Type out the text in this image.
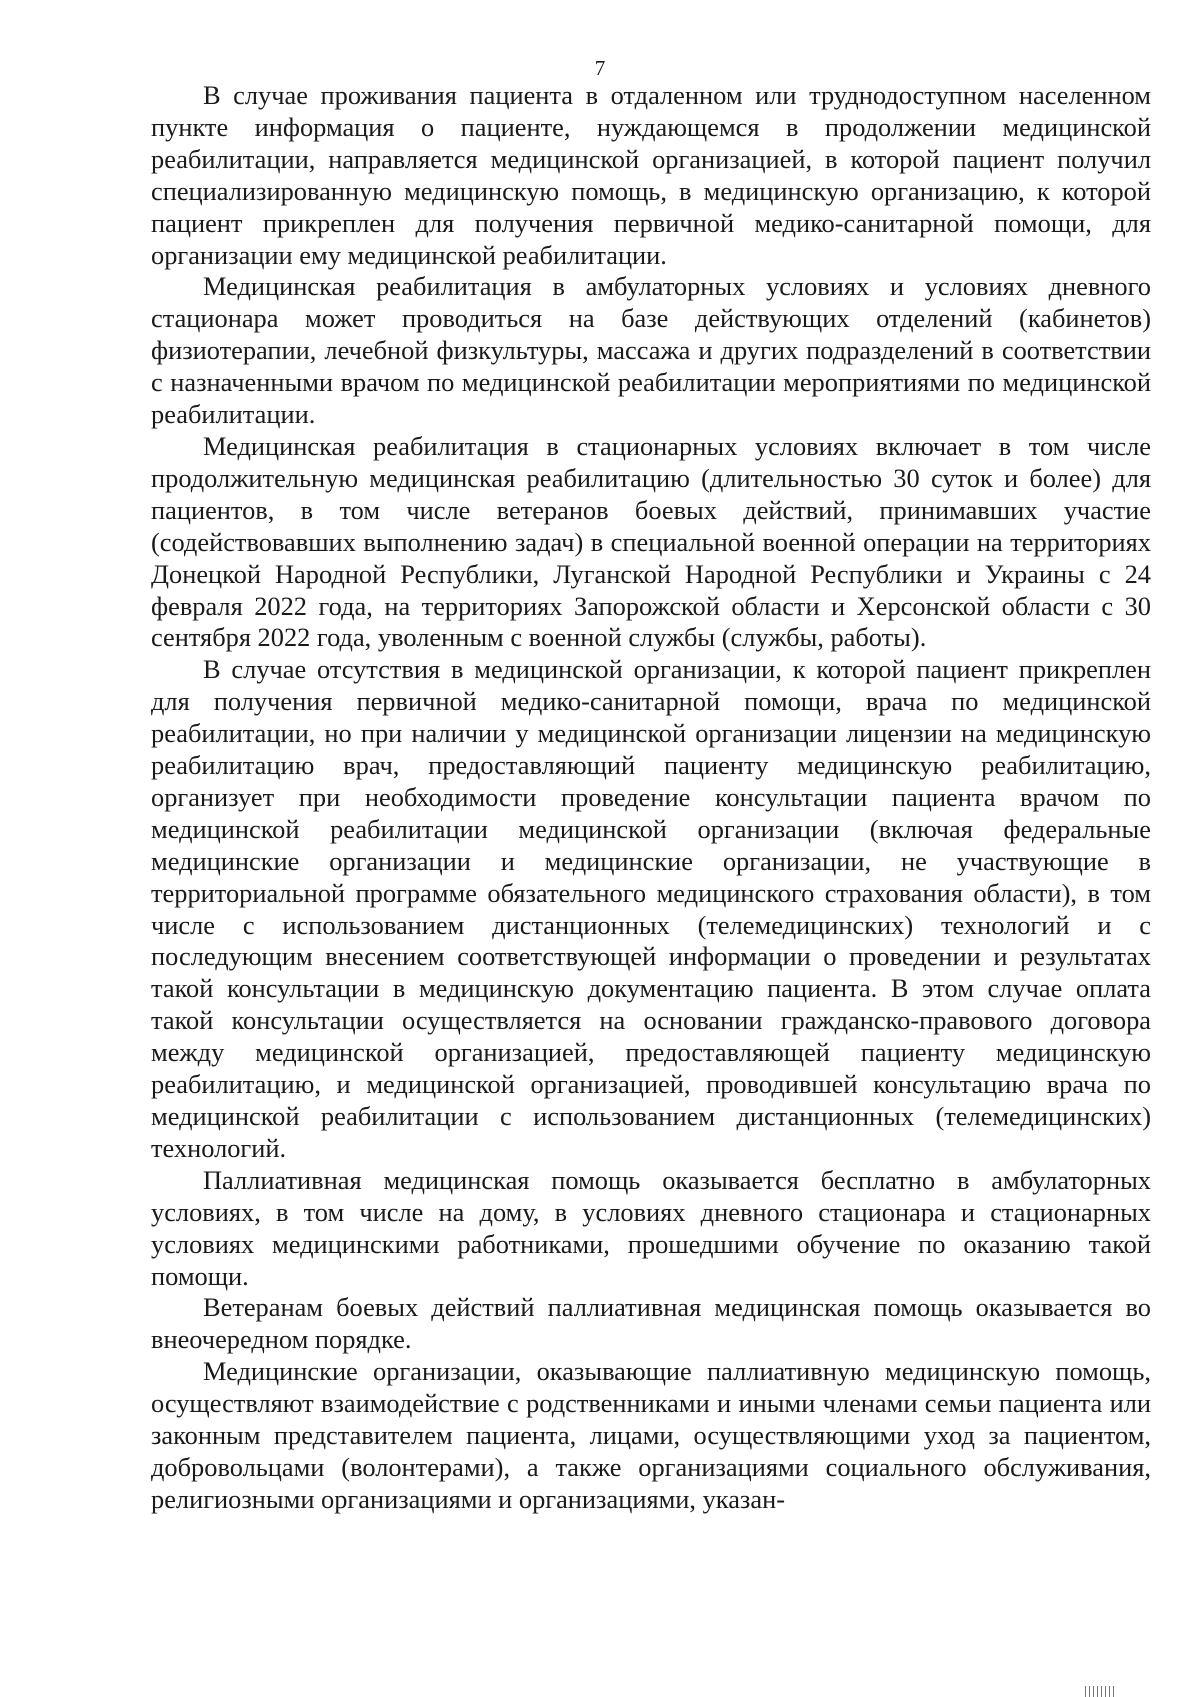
7

В случае проживания пациента в отдаленном или труднодоступном населенном пункте информация о пациенте, нуждающемся в продолжении медицинской реабилитации, направляется медицинской организацией, в которой пациент получил специализированную медицинскую помощь, в медицинскую организацию, к которой пациент прикреплен для получения первичной медико-санитарной помощи, для организации ему медицинской реабилитации.

Медицинская реабилитация в амбулаторных условиях и условиях дневного стационара может проводиться на базе действующих отделений (кабинетов) физиотерапии, лечебной физкультуры, массажа и других подразделений в соответствии с назначенными врачом по медицинской реабилитации мероприятиями по медицинской реабилитации.

Медицинская реабилитация в стационарных условиях включает в том числе продолжительную медицинская реабилитацию (длительностью 30 суток и более) для пациентов, в том числе ветеранов боевых действий, принимавших участие (содействовавших выполнению задач) в специальной военной операции на территориях Донецкой Народной Республики, Луганской Народной Республики и Украины с 24 февраля 2022 года, на территориях Запорожской области и Херсонской области с 30 сентября 2022 года, уволенным с военной службы (службы, работы).

В случае отсутствия в медицинской организации, к которой пациент прикреплен для получения первичной медико-санитарной помощи, врача по медицинской реабилитации, но при наличии у медицинской организации лицензии на медицинскую реабилитацию врач, предоставляющий пациенту медицинскую реабилитацию, организует при необходимости проведение консультации пациента врачом по медицинской реабилитации медицинской организации (включая федеральные медицинские организации и медицинские организации, не участвующие в территориальной программе обязательного медицинского страхования области), в том числе с использованием дистанционных (телемедицинских) технологий и с последующим внесением соответствующей информации о проведении и результатах такой консультации в медицинскую документацию пациента. В этом случае оплата такой консультации осуществляется на основании гражданско-правового договора между медицинской организацией, предоставляющей пациенту медицинскую реабилитацию, и медицинской организацией, проводившей консультацию врача по медицинской реабилитации с использованием дистанционных (телемедицинских) технологий.

Паллиативная медицинская помощь оказывается бесплатно в амбулаторных условиях, в том числе на дому, в условиях дневного стационара и стационарных условиях медицинскими работниками, прошедшими обучение по оказанию такой помощи.

Ветеранам боевых действий паллиативная медицинская помощь оказывается во внеочередном порядке.

Медицинские организации, оказывающие паллиативную медицинскую помощь, осуществляют взаимодействие с родственниками и иными членами семьи пациента или законным представителем пациента, лицами, осуществляющими уход за пациентом, добровольцами (волонтерами), а также организациями социального обслуживания, религиозными организациями и организациями, указан-
